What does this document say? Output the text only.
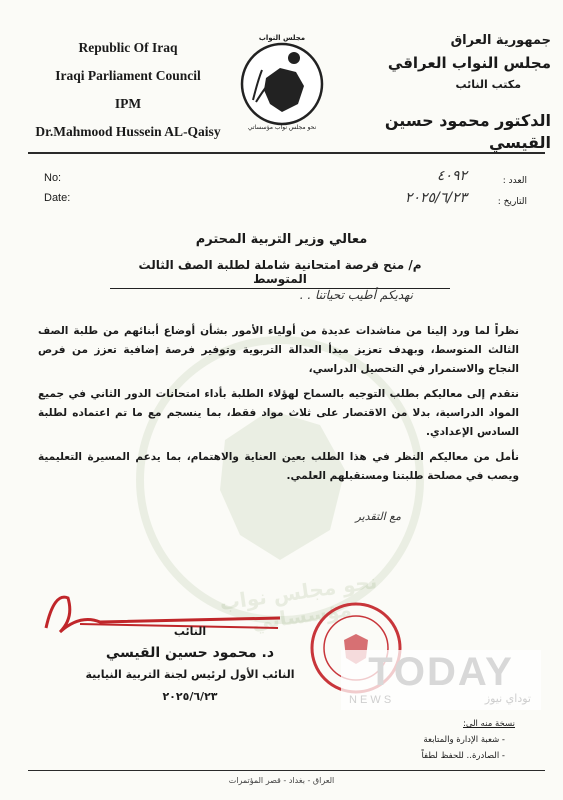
نحو مجلس نواب مؤسساتي
Republic Of Iraq
Iraqi Parliament Council
IPM
Dr.Mahmood Hussein AL-Qaisy
مجلس النواب
نحو مجلس نواب مؤسساتي
جمهورية العراق
مجلس النواب العراقي
مكتب النائب
الدكتور محمود حسين القيسي
No:
Date:
العدد :
التاريخ :
٤٠٩٢
٢٠٢٥/٦/٢٣
معالي وزير التربية المحترم
م/ منح فرصة امتحانية شاملة لطلبة الصف الثالث المتوسط
نهديكم أطيب تحياتنا . .

نظراً لما ورد إلينا من مناشدات عديدة من أولياء الأمور بشأن أوضاع أبنائهم من طلبة الصف الثالث المتوسط، وبهدف تعزيز مبدأ العدالة التربوية وتوفير فرصة إضافية تعزز من فرص النجاح والاستمرار في التحصيل الدراسي،

نتقدم إلى معاليكم بطلب التوجيه بالسماح لهؤلاء الطلبة بأداء امتحانات الدور الثاني في جميع المواد الدراسية، بدلا من الاقتصار على ثلاث مواد فقط، بما ينسجم مع ما تم اعتماده لطلبة السادس الإعدادي.

نأمل من معاليكم النظر في هذا الطلب بعين العناية والاهتمام، بما يدعم المسيرة التعليمية ويصب في مصلحة طلبتنا ومستقبلهم العلمي.

مع التقدير
النائب
د. محمود حسين القيسي
النائب الأول لرئيس لجنة التربية النيابية
٢٠٢٥/٦/٢٣
TODAY
N E W S	توداي نيوز
نسخة منه الى:
- شعبة الإدارة والمتابعة
- الصادرة.. للحفظ لطفاً
العراق - بغداد - قصر المؤتمرات
